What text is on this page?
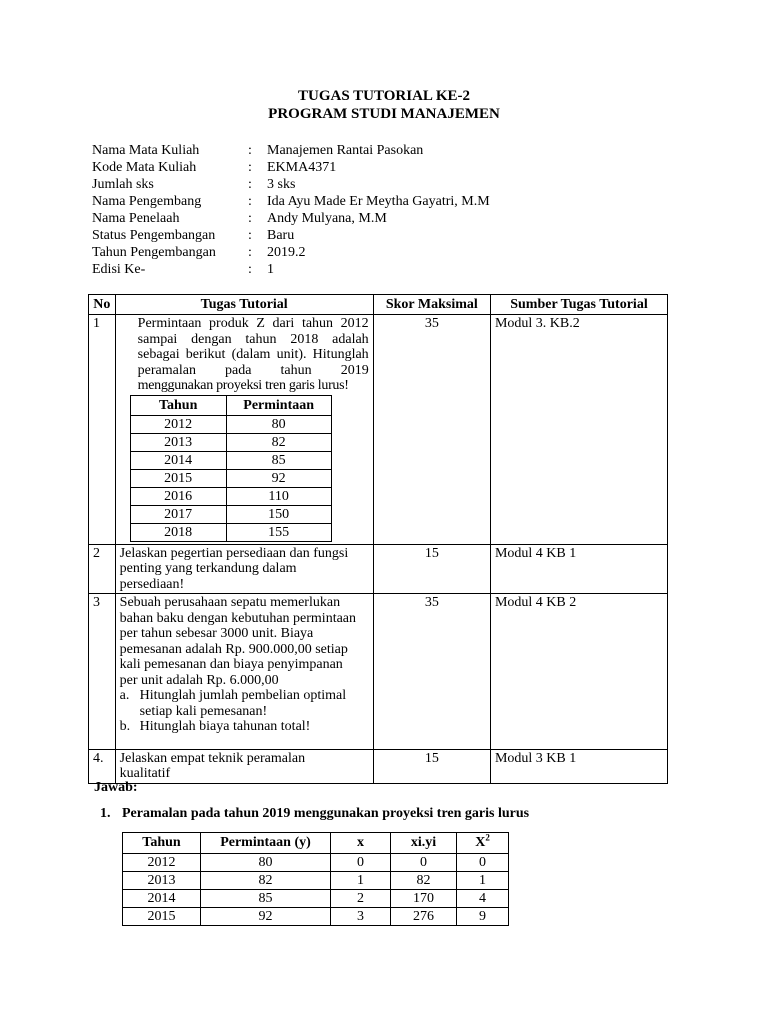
TUGAS TUTORIAL KE-2
PROGRAM STUDI MANAJEMEN
Nama Mata Kuliah	: Manajemen Rantai Pasokan
Kode Mata Kuliah	: EKMA4371
Jumlah sks	: 3 sks
Nama Pengembang	: Ida Ayu Made Er Meytha Gayatri, M.M
Nama Penelaah	: Andy Mulyana, M.M
Status Pengembangan : Baru
Tahun Pengembangan : 2019.2
Edisi Ke-	: 1
No	Tugas Tutorial	Skor Maksimal	Sumber Tugas Tutorial
1	Permintaan produk Z dari tahun 2012
sampai dengan tahun 2018 adalah
sebagai berikut (dalam unit). Hitunglah
peramalan pada tahun 2019
menggunakan proyeksi tren garis lurus!
Tahun	Permintaan
2012	80
2013	82
2014	85
2015	92
2016	110
2017	150
2018	155
	35	Modul 3. KB.2
2	Jelaskan pegertian persediaan dan fungsi
penting yang terkandung dalam
persediaan!
	15	Modul 4 KB 1
3	Sebuah perusahaan sepatu memerlukan
bahan baku dengan kebutuhan permintaan
per tahun sebesar 3000 unit. Biaya
pemesanan adalah Rp. 900.000,00 setiap
kali pemesanan dan biaya penyimpanan
per unit adalah Rp. 6.000,00
a. Hitunglah jumlah pembelian optimal
setiap kali pemesanan!
b. Hitunglah biaya tahunan total!
	35	Modul 4 KB 2
4.	Jelaskan empat teknik peramalan
kualitatif
	15	Modul 3 KB 1
Jawab:
1. Peramalan pada tahun 2019 menggunakan proyeksi tren garis lurus
Tahun	Permintaan (y)	x	xi.yi	$X^2$
2012	80	0	0	0
2013	82	1	82	1
2014	85	2	170	4
2015	92	3	276	9
